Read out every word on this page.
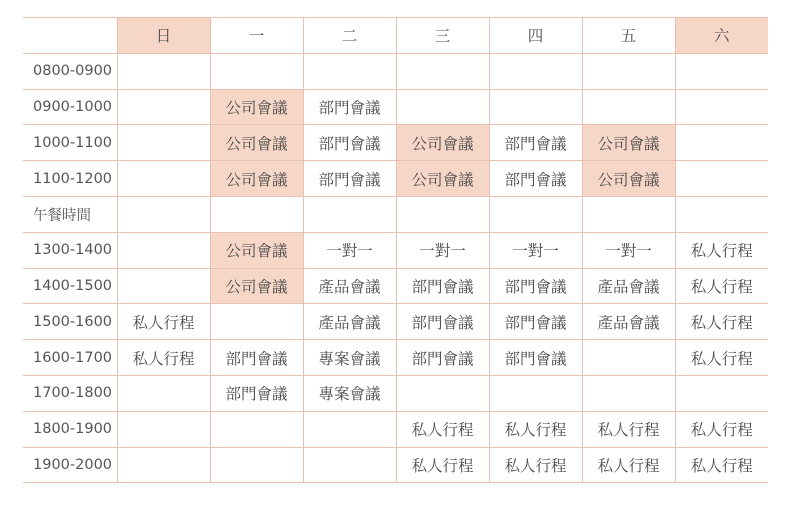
	日	一	二	三	四	五	六
0800-0900							
0900-1000		公司會議	部門會議				
1000-1100		公司會議	部門會議	公司會議	部門會議	公司會議	
1100-1200		公司會議	部門會議	公司會議	部門會議	公司會議	
午餐時間							
1300-1400		公司會議	一對一	一對一	一對一	一對一	私人行程
1400-1500		公司會議	產品會議	部門會議	部門會議	產品會議	私人行程
1500-1600	私人行程		產品會議	部門會議	部門會議	產品會議	私人行程
1600-1700	私人行程	部門會議	專案會議	部門會議	部門會議		私人行程
1700-1800		部門會議	專案會議				
1800-1900				私人行程	私人行程	私人行程	私人行程
1900-2000				私人行程	私人行程	私人行程	私人行程
